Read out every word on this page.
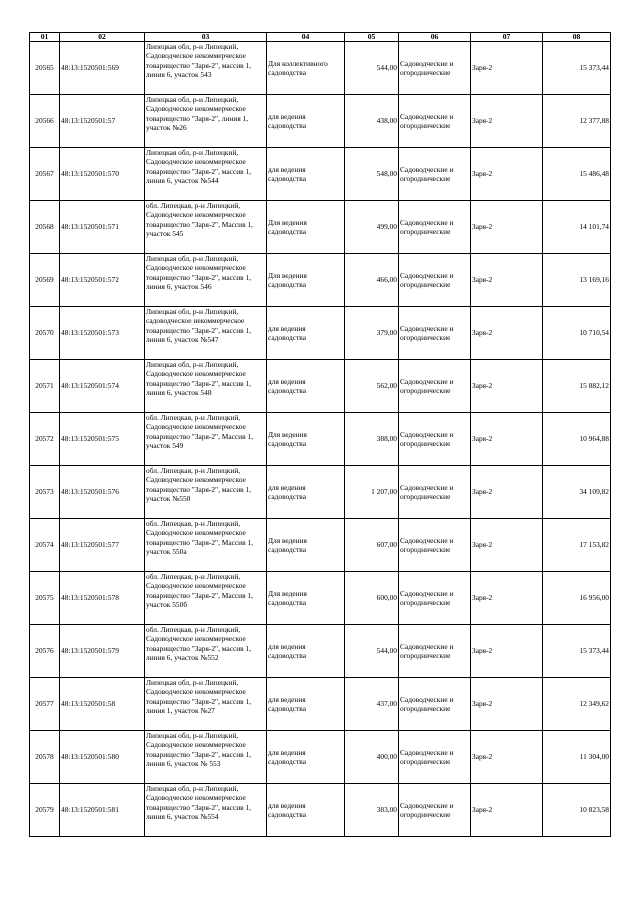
01	02	03	04	05	06	07	08
20565	48:13:1520501:569	Липецкая обл, р-н Липецкий, Садоводческое некоммерческое товарищество "Заря-2", массив 1, линия 6, участок 543	Для коллективного садоводства	544,00	Садоводческие и огороднические	Заря-2	15 373,44
20566	48:13:1520501:57	Липецкая обл, р-н Липецкий, Садоводческое некоммерческое товарищество "Заря-2", линия 1, участок №26	для ведения садоводства	438,00	Садоводческие и огороднические	Заря-2	12 377,88
20567	48:13:1520501:570	Липецкая обл, р-н Липецкий, Садоводческое некоммерческое товарищество "Заря-2", массив 1, линия 6, участок №544	для ведения садоводства	548,00	Садоводческие и огороднические	Заря-2	15 486,48
20568	48:13:1520501:571	обл. Липецкая, р-н Липецкий, Садоводческое некоммерческое товарищество "Заря-2", Массив 1, участок 545	Для ведения садоводства	499,00	Садоводческие и огороднические	Заря-2	14 101,74
20569	48:13:1520501:572	Липецкая обл, р-н Липецкий, Садоводческое некоммерческое товарищество "Заря-2", массив 1, линия 6, участок 546	Для ведения садоводства	466,00	Садоводческие и огороднические	Заря-2	13 169,16
20570	48:13:1520501:573	Липецкая обл, р-н Липецкий, садоводческое некоммерческое товарищество "Заря-2", массив 1, линия 6, участок №547	для ведения садоводства	379,00	Садоводческие и огороднические	Заря-2	10 710,54
20571	48:13:1520501:574	Липецкая обл, р-н Липецкий, Садоводческое некоммерческое товарищество "Заря-2", массив 1, линия 6, участок 548	для ведения садоводства	562,00	Садоводческие и огороднические	Заря-2	15 882,12
20572	48:13:1520501:575	обл. Липецкая, р-н Липецкий, Садоводческое некоммерческое товарищество "Заря-2", Массив 1, участок 549	Для ведения садоводства	388,00	Садоводческие и огороднические	Заря-2	10 964,88
20573	48:13:1520501:576	обл. Липецкая, р-н Липецкий, Садоводческое некоммерческое товарищество "Заря-2", массив 1, участок №550	для ведения садоводства	1 207,00	Садоводческие и огороднические	Заря-2	34 109,82
20574	48:13:1520501:577	обл. Липецкая, р-н Липецкий, Садоводческое некоммерческое товарищество "Заря-2", Массив 1, участок 550а	Для ведения садоводства	607,00	Садоводческие и огороднические	Заря-2	17 153,82
20575	48:13:1520501:578	обл. Липецкая, р-н Липецкий, Садоводческое некоммерческое товарищество "Заря-2", Массив 1, участок 550б	Для ведения садоводства	600,00	Садоводческие и огороднические	Заря-2	16 956,00
20576	48:13:1520501:579	обл. Липецкая, р-н Липецкий, Садоводческое некоммерческое товарищество "Заря-2", массив 1, линия 6, участок №552	для ведения садоводства	544,00	Садоводческие и огороднические	Заря-2	15 373,44
20577	48:13:1520501:58	Липецкая обл, р-н Липецкий, Садоводческое некоммерческое товарищество "Заря-2", массив 1, линия 1, участок №27	для ведения садоводства	437,00	Садоводческие и огороднические	Заря-2	12 349,62
20578	48:13:1520501:580	Липецкая обл, р-н Липецкий, Садоводческое некоммерческое товарищество "Заря-2", массив 1, линия 6, участок № 553	для ведения садоводства	400,00	Садоводческие и огороднические	Заря-2	11 304,00
20579	48:13:1520501:581	Липецкая обл, р-н Липецкий, Садоводческое некоммерческое товарищество "Заря-2", массив 1, линия 6, участок №554	для ведения садоводства	383,00	Садоводческие и огороднические	Заря-2	10 823,58
